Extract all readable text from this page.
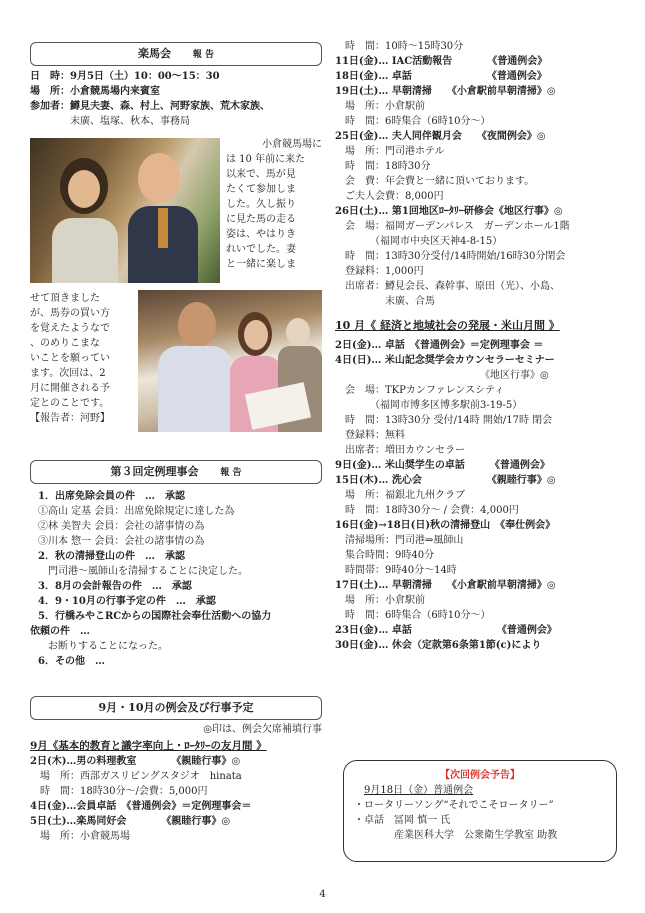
楽馬会 報 告
日　時：9月5日（土）10：00～15：30
場　所：小倉競馬場内来賓室
参加者：鱒見夫妻、森、村上、河野家族、荒木家族、
　　　　末廣、塩塚、秋本、事務局
小倉競馬場に
は 10 年前に来た
以来で、馬が見
たくて参加しま
した。久し振り
に見た馬の走る
姿は、やはりき
れいでした。妻
と一緒に楽しま
せて頂きました
が、馬券の買い方
を覚えたようなで
、のめりこまな
いことを願ってい
ます。次回は、2
月に開催される予
定とのことです。
【報告者：河野】
第３回定例理事会 報 告
1．出席免除会員の件　…　承認
①高山 定基 会員：出席免除規定に達した為
②林 美智夫 会員：会社の諸事情の為
③川本 惣一 会員：会社の諸事情の為
2．秋の清掃登山の件　…　承認
　門司港～風師山を清掃することに決定した。
3．8月の会計報告の件　…　承認
4．9・10月の行事予定の件　…　承認
5．行橋みやこRCからの国際社会奉仕活動への協力
依頼の件　…
　お断りすることになった。
6．その他　…
9月・10月の例会及び行事予定
◎印は、例会欠席補填行事
9月《基本的教育と識字率向上・ﾛｰﾀﾘｰの友月間 》
2日(木)…男の料理教室　　　　《親睦行事》◎
　場　所：西部ガスリビングスタジオ　hinata
　時　間：18時30分～/会費：5,000円
4日(金)…会員卓話　《普通例会》＝定例理事会＝
5日(土)…楽馬同好会　　　　《親睦行事》◎
　場　所：小倉競馬場
　時　間：10時～15時30分
11日(金)… IAC活動報告　　　　《普通例会》
18日(金)… 卓話　　　　　　　　《普通例会》
19日(土)… 早朝清掃　　《小倉駅前早朝清掃》◎
　場　所：小倉駅前
　時　間：6時集合（6時10分～）
25日(金)… 夫人同伴観月会　　《夜間例会》◎
　場　所：門司港ホテル
　時　間：18時30分
　会　費：年会費と一緒に頂いております。
　ご夫人会費：8,000円
26日(土)… 第1回地区ﾛｰﾀﾘｰ研修会《地区行事》◎
　会　場：福岡ガーデンパレス　ガーデンホール1階
　　　　（福岡市中央区天神4-8-15）
　時　間：13時30分受付/14時開始/16時30分閉会
　登録料：1,000円
　出席者：鱒見会長、森幹事、原田（光）、小島、
　　　　　末廣、合馬
10 月《 経済と地域社会の発展・米山月間 》
2日(金)… 卓話　《普通例会》＝定例理事会 ＝
4日(日)… 米山記念奨学会カウンセラーセミナー
　　　　　　　　　　　　　　　《地区行事》◎
　会　場：TKPカンファレンスシティ
　　　　（福岡市博多区博多駅前3-19-5）
　時　間：13時30分 受付/14時 開始/17時 閉会
　登録料：無料
　出席者：増田カウンセラー
9日(金)… 米山奨学生の卓話　　　《普通例会》
15日(木)… 洗心会　　　　　　　《親睦行事》◎
　場　所：福銀北九州クラブ
　時　間：18時30分～ / 会費：4,000円
16日(金)→18日(日)秋の清掃登山　《奉仕例会》
　清掃場所：門司港⇒風師山
　集合時間：9時40分
　時間帯：9時40分～14時
17日(土)… 早朝清掃　　《小倉駅前早朝清掃》◎
　場　所：小倉駅前
　時　間：6時集合（6時10分～）
23日(金)… 卓話　　　　　　　　　《普通例会》
30日(金)… 休会（定款第6条第1節(c)により
【次回例会予告】
9月18日（金）普通例会
・ロータリーソング“それでこそロータリー”
・卓話　冨岡 慎一 氏
　　　　産業医科大学　公衆衛生学教室 助教
4
